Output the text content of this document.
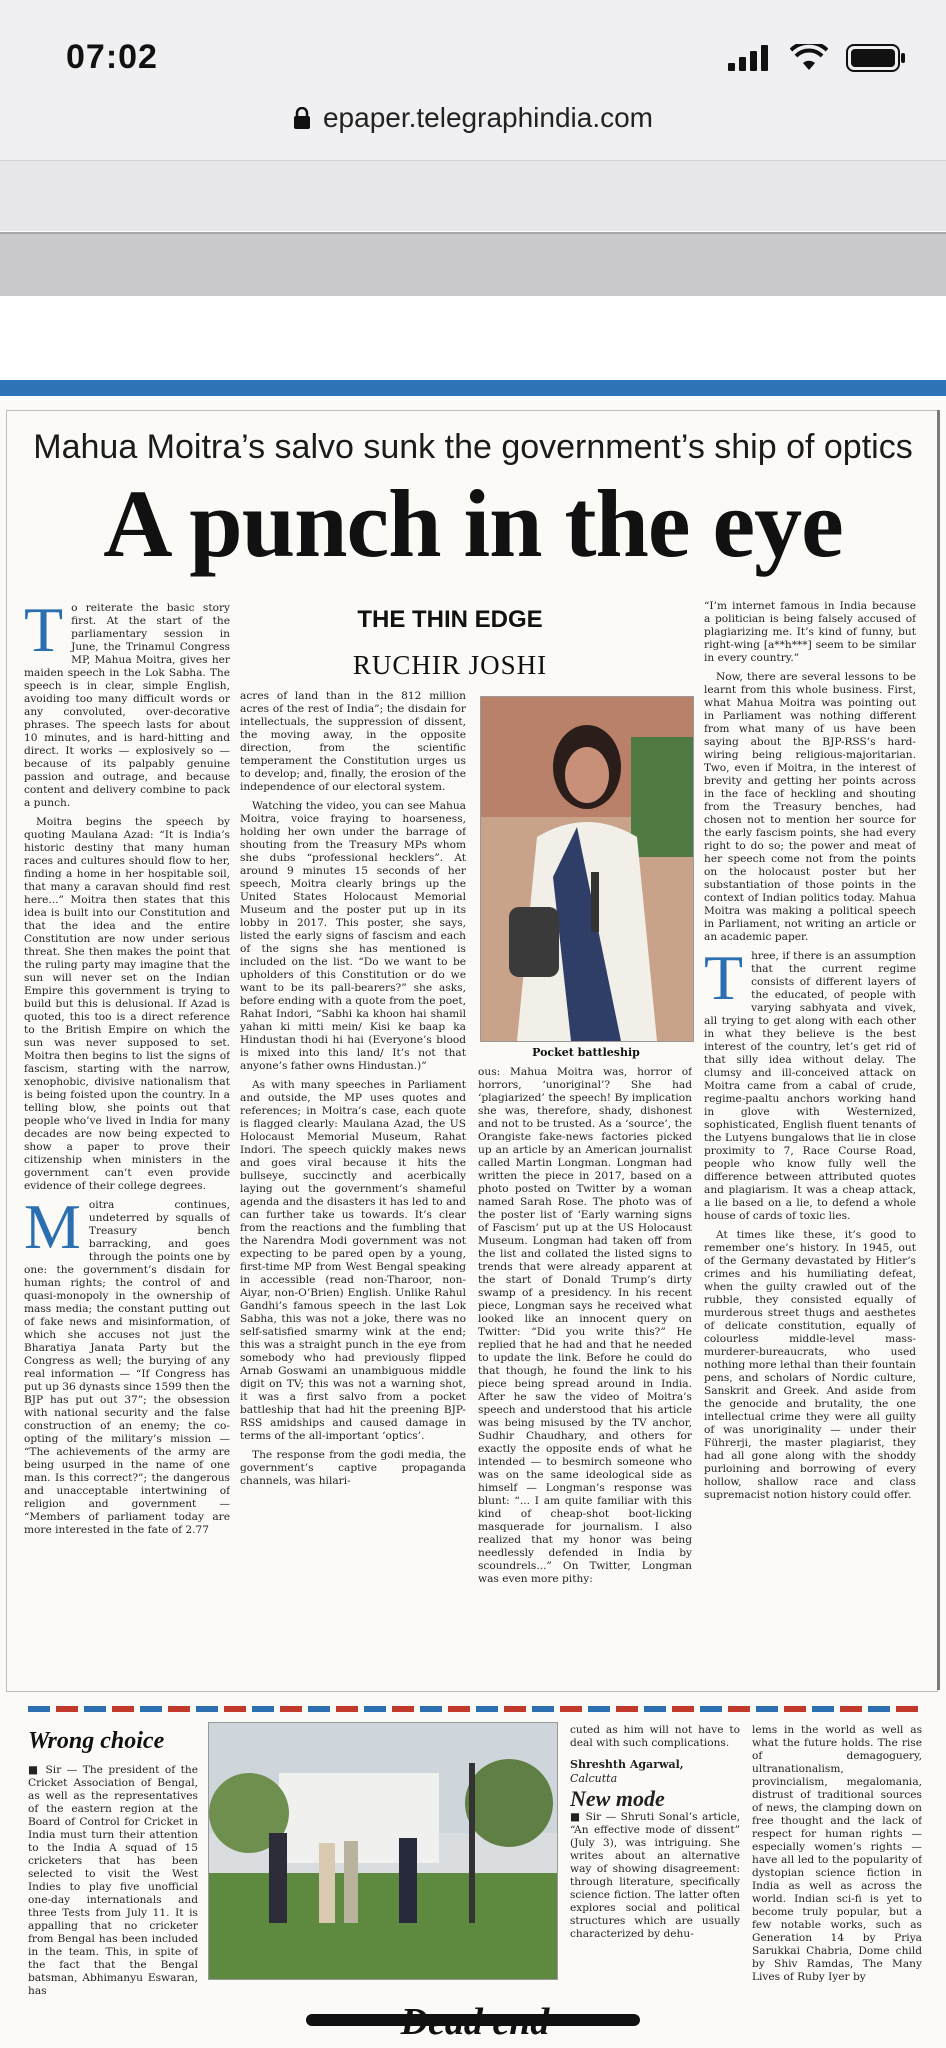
07:02
epaper.telegraphindia.com
Mahua Moitra’s salvo sunk the government’s ship of optics
A punch in the eye
T o reiterate the basic story first. At the start of the parliamentary session in June, the Trinamul Congress MP, Mahua Moitra, gives her maiden speech in the Lok Sabha. The speech is in clear, simple English, avoiding too many difficult words or any convoluted, over-decorative phrases. The speech lasts for about 10 minutes, and is hard-hitting and direct. It works — explosively so — because of its palpably genuine passion and outrage, and because content and delivery combine to pack a punch.

Moitra begins the speech by quoting Maulana Azad: “It is India’s historic destiny that many human races and cultures should flow to her, finding a home in her hospitable soil, that many a caravan should find rest here...” Moitra then states that this idea is built into our Constitution and that the idea and the entire Constitution are now under serious threat. She then makes the point that the ruling party may imagine that the sun will never set on the Indian Empire this government is trying to build but this is delusional. If Azad is quoted, this too is a direct reference to the British Empire on which the sun was never supposed to set. Moitra then begins to list the signs of fascism, starting with the narrow, xenophobic, divisive nationalism that is being foisted upon the country. In a telling blow, she points out that people who’ve lived in India for many decades are now being expected to show a paper to prove their citizenship when ministers in the government can’t even provide evidence of their college degrees.

M oitra continues, undeterred by squalls of Treasury bench barracking, and goes through the points one by one: the government’s disdain for human rights; the control of and quasi-monopoly in the ownership of mass media; the constant putting out of fake news and misinformation, of which she accuses not just the Bharatiya Janata Party but the Congress as well; the burying of any real information — “If Congress has put up 36 dynasts since 1599 then the BJP has put out 37”; the obsession with national security and the false construction of an enemy; the co-opting of the military’s mission — “The achievements of the army are being usurped in the name of one man. Is this correct?”; the dangerous and unacceptable intertwining of religion and government — “Members of parliament today are more interested in the fate of 2.77
THE THIN EDGE
RUCHIR JOSHI
acres of land than in the 812 million acres of the rest of India”; the disdain for intellectuals, the suppression of dissent, the moving away, in the opposite direction, from the scientific temperament the Constitution urges us to develop; and, finally, the erosion of the independence of our electoral system.

Watching the video, you can see Mahua Moitra, voice fraying to hoarseness, holding her own under the barrage of shouting from the Treasury MPs whom she dubs “professional hecklers”. At around 9 minutes 15 seconds of her speech, Moitra clearly brings up the United States Holocaust Memorial Museum and the poster put up in its lobby in 2017. This poster, she says, listed the early signs of fascism and each of the signs she has mentioned is included on the list. “Do we want to be upholders of this Constitution or do we want to be its pall-bearers?” she asks, before ending with a quote from the poet, Rahat Indori, “Sabhi ka khoon hai shamil yahan ki mitti mein/ Kisi ke baap ka Hindustan thodi hi hai (Everyone’s blood is mixed into this land/ It’s not that anyone’s father owns Hindustan.)”

As with many speeches in Parliament and outside, the MP uses quotes and references; in Moitra’s case, each quote is flagged clearly: Maulana Azad, the US Holocaust Memorial Museum, Rahat Indori. The speech quickly makes news and goes viral because it hits the bullseye, succinctly and acerbically laying out the government’s shameful agenda and the disasters it has led to and can further take us towards. It’s clear from the reactions and the fumbling that the Narendra Modi government was not expecting to be pared open by a young, first-time MP from West Bengal speaking in accessible (read non-Tharoor, non-Aiyar, non-O’Brien) English. Unlike Rahul Gandhi’s famous speech in the last Lok Sabha, this was not a joke, there was no self-satisfied smarmy wink at the end; this was a straight punch in the eye from somebody who had previously flipped Arnab Goswami an unambiguous middle digit on TV; this was not a warning shot, it was a first salvo from a pocket battleship that had hit the preening BJP-RSS amidships and caused damage in terms of the all-important ‘optics’.

The response from the godi media, the government’s captive propaganda channels, was hilari-

Pocket battleship
ous: Mahua Moitra was, horror of horrors, ‘unoriginal’? She had ‘plagiarized’ the speech! By implication she was, therefore, shady, dishonest and not to be trusted. As a ‘source’, the Orangiste fake-news factories picked up an article by an American journalist called Martin Longman. Longman had written the piece in 2017, based on a photo posted on Twitter by a woman named Sarah Rose. The photo was of the poster list of ‘Early warning signs of Fascism’ put up at the US Holocaust Museum. Longman had taken off from the list and collated the listed signs to trends that were already apparent at the start of Donald Trump’s dirty swamp of a presidency. In his recent piece, Longman says he received what looked like an innocent query on Twitter: “Did you write this?” He replied that he had and that he needed to update the link. Before he could do that though, he found the link to his piece being spread around in India. After he saw the video of Moitra’s speech and understood that his article was being misused by the TV anchor, Sudhir Chaudhary, and others for exactly the opposite ends of what he intended — to besmirch someone who was on the same ideological side as himself — Longman’s response was blunt: “... I am quite familiar with this kind of cheap-shot boot-licking masquerade for journalism. I also realized that my honor was being needlessly defended in India by scoundrels...” On Twitter, Longman was even more pithy:
“I’m internet famous in India because a politician is being falsely accused of plagiarizing me. It’s kind of funny, but right-wing [a**h***] seem to be similar in every country.”

Now, there are several lessons to be learnt from this whole business. First, what Mahua Moitra was pointing out in Parliament was nothing different from what many of us have been saying about the BJP-RSS’s hard-wiring being religious-majoritarian. Two, even if Moitra, in the interest of brevity and getting her points across in the face of heckling and shouting from the Treasury benches, had chosen not to mention her source for the early fascism points, she had every right to do so; the power and meat of her speech come not from the points on the holocaust poster but her substantiation of those points in the context of Indian politics today. Mahua Moitra was making a political speech in Parliament, not writing an article or an academic paper.

T hree, if there is an assumption that the current regime consists of different layers of the educated, of people with varying sabhyata and vivek, all trying to get along with each other in what they believe is the best interest of the country, let’s get rid of that silly idea without delay. The clumsy and ill-conceived attack on Moitra came from a cabal of crude, regime-paaltu anchors working hand in glove with Westernized, sophisticated, English fluent tenants of the Lutyens bungalows that lie in close proximity to 7, Race Course Road, people who know fully well the difference between attributed quotes and plagiarism. It was a cheap attack, a lie based on a lie, to defend a whole house of cards of toxic lies.

At times like these, it’s good to remember one’s history. In 1945, out of the Germany devastated by Hitler’s crimes and his humiliating defeat, when the guilty crawled out of the rubble, they consisted equally of murderous street thugs and aesthetes of delicate constitution, equally of colourless middle-level mass-murderer-bureaucrats, who used nothing more lethal than their fountain pens, and scholars of Nordic culture, Sanskrit and Greek. And aside from the genocide and brutality, the one intellectual crime they were all guilty of was unoriginality — under their Führerji, the master plagiarist, they had all gone along with the shoddy purloining and borrowing of every hollow, shallow race and class supremacist notion history could offer.

Wrong choice
■ Sir — The president of the Cricket Association of Bengal, as well as the representatives of the eastern region at the Board of Control for Cricket in India must turn their attention to the India A squad of 15 cricketers that has been selected to visit the West Indies to play five unofficial one-day internationals and three Tests from July 11. It is appalling that no cricketer from Bengal has been included in the team. This, in spite of the fact that the Bengal batsman, Abhimanyu Eswaran, has
cuted as him will not have to deal with such complications.
Shreshth Agarwal,
Calcutta
New mode
■ Sir — Shruti Sonal’s article, “An effective mode of dissent” (July 3), was intriguing. She writes about an alternative way of showing disagreement: through literature, specifically science fiction. The latter often explores social and political structures which are usually characterized by dehu-
lems in the world as well as what the future holds. The rise of demagoguery, ultranationalism, provincialism, megalomania, distrust of traditional sources of news, the clamping down on free thought and the lack of respect for human rights — especially women’s rights — have all led to the popularity of dystopian science fiction in India as well as across the world. Indian sci-fi is yet to become truly popular, but a few notable works, such as Generation 14 by Priya Sarukkai Chabria, Dome child by Shiv Ramdas, The Many Lives of Ruby Iyer by
